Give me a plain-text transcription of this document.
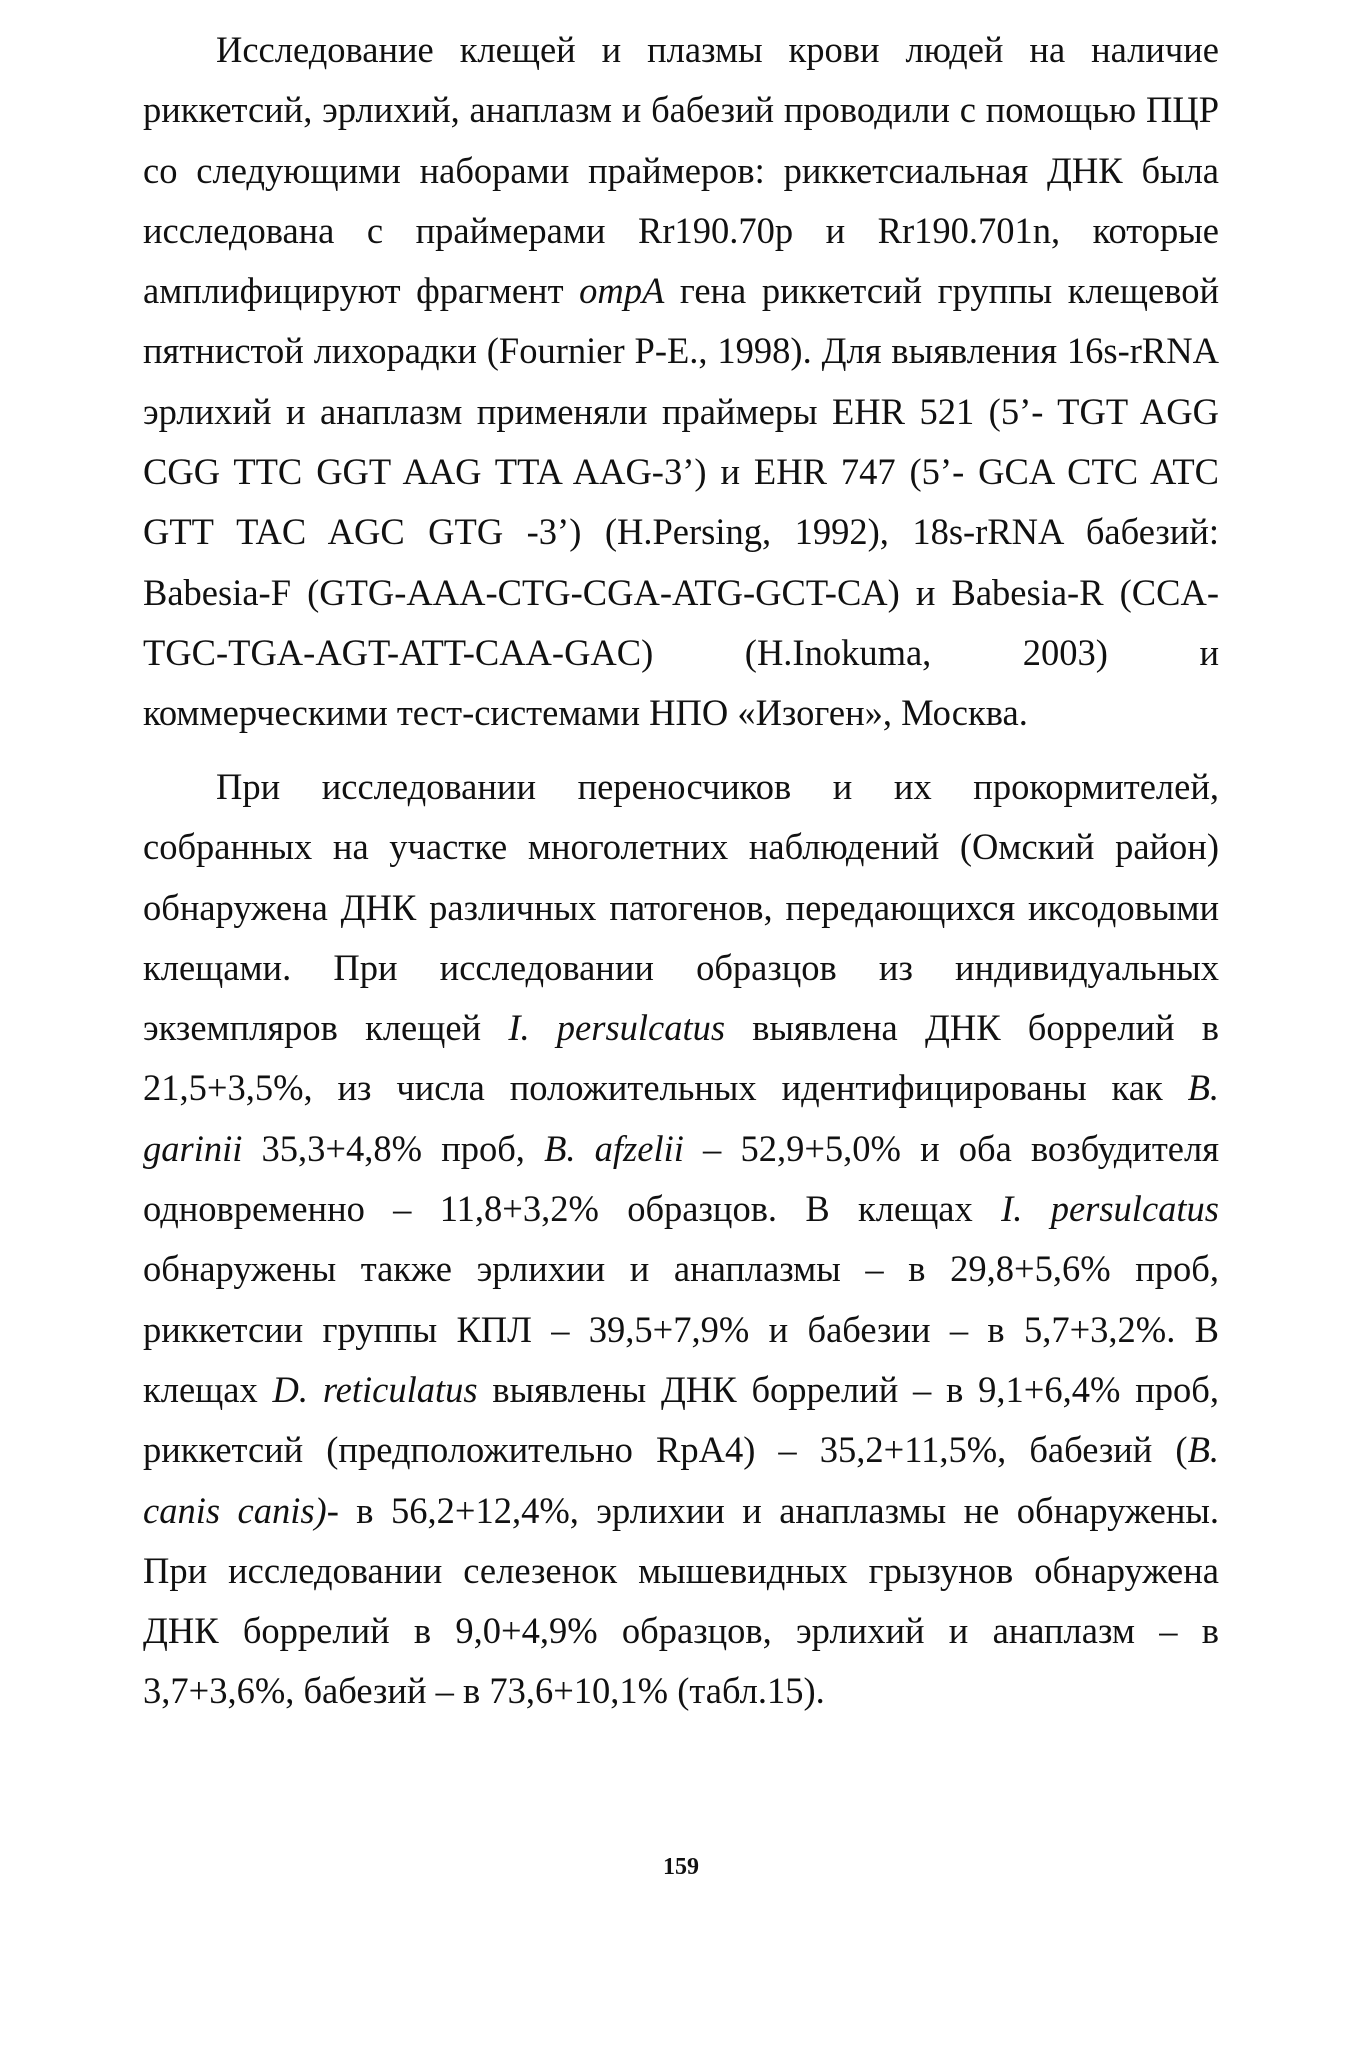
Исследование клещей и плазмы крови людей на наличие риккетсий, эрлихий, анаплазм и бабезий проводили с помощью ПЦР со следующими наборами праймеров: риккетсиальная ДНК была исследована с праймерами Rr190.70p и Rr190.701n, которые амплифицируют фрагмент ompA гена риккетсий группы клещевой пятнистой лихорадки (Fournier P-E., 1998). Для выявления 16s-rRNA эрлихий и анаплазм применяли праймеры EHR 521 (5’- TGT AGG CGG TTC GGT AAG TTA AAG-3’) и EHR 747 (5’- GCA CTC ATC GTT TAC AGC GTG -3’) (H.Persing, 1992), 18s-rRNA бабезий: Babesia-F (GTG-AAA-CTG-CGA-ATG-GCT-CA) и Babesia-R (CCA-TGC-TGA-AGT-ATT-CAA-GAC) (H.Inokuma, 2003) и коммерческими тест-системами НПО «Изоген», Москва.

При исследовании переносчиков и их прокормителей, собранных на участке многолетних наблюдений (Омский район) обнаружена ДНК различных патогенов, передающихся иксодовыми клещами. При исследовании образцов из индивидуальных экземпляров клещей I. persulcatus выявлена ДНК боррелий в 21,5+3,5%, из числа положительных идентифицированы как B. garinii 35,3+4,8% проб, B. afzelii – 52,9+5,0% и оба возбудителя одновременно – 11,8+3,2% образцов. В клещах I. persulcatus обнаружены также эрлихии и анаплазмы – в 29,8+5,6% проб, риккетсии группы КПЛ – 39,5+7,9% и бабезии – в 5,7+3,2%. В клещах D. reticulatus выявлены ДНК боррелий – в 9,1+6,4% проб, риккетсий (предположительно RpA4) – 35,2+11,5%, бабезий (B. canis canis)- в 56,2+12,4%, эрлихии и анаплазмы не обнаружены. При исследовании селезенок мышевидных грызунов обнаружена ДНК боррелий в 9,0+4,9% образцов, эрлихий и анаплазм – в 3,7+3,6%, бабезий – в 73,6+10,1% (табл.15).

159
